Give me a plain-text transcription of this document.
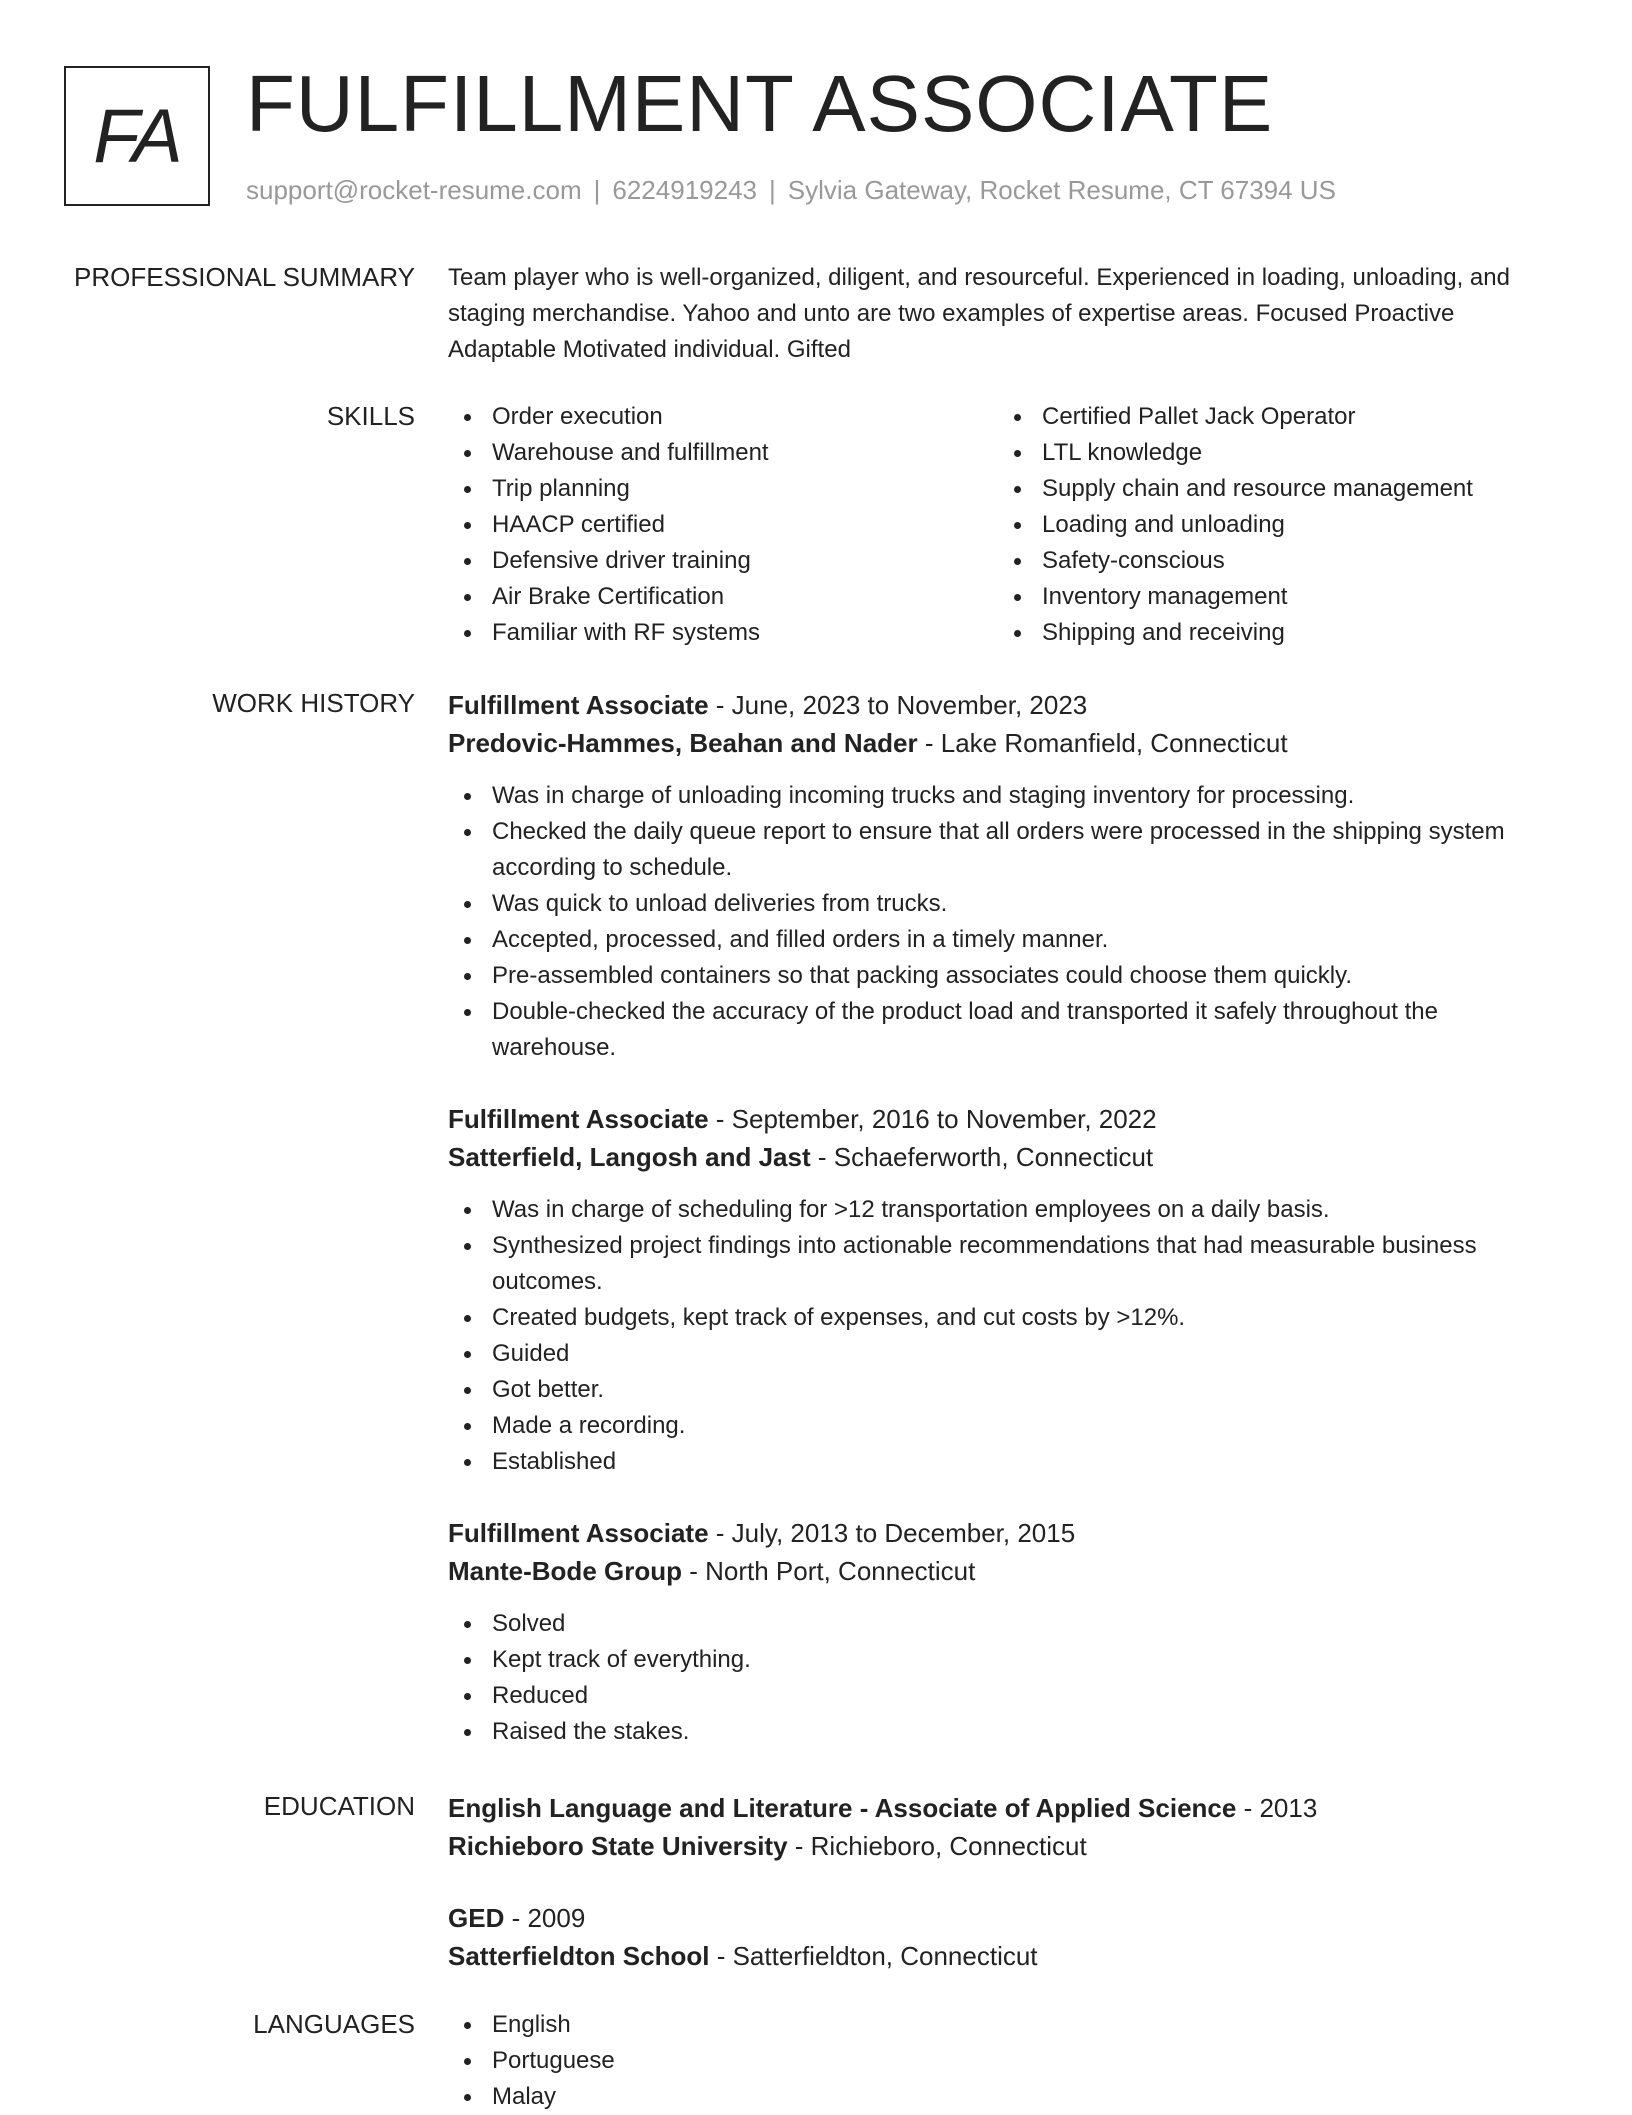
FA FULFILLMENT ASSOCIATE
support@rocket-resume.com | 6224919243 | Sylvia Gateway, Rocket Resume, CT 67394 US
PROFESSIONAL SUMMARY Team player who is well-organized, diligent, and resourceful. Experienced in loading, unloading, and staging merchandise. Yahoo and unto are two examples of expertise areas. Focused Proactive Adaptable Motivated individual. Gifted

SKILLS	Order execution
Warehouse and fulfillment
Trip planning
HAACP certified
Defensive driver training
Air Brake Certification
Familiar with RF systems
Certified Pallet Jack Operator
LTL knowledge
Supply chain and resource management
Loading and unloading
Safety-conscious
Inventory management
Shipping and receiving
WORK HISTORY Fulfillment Associate - June, 2023 to November, 2023
Predovic-Hammes, Beahan and Nader - Lake Romanfield, Connecticut
Was in charge of unloading incoming trucks and staging inventory for processing.
Checked the daily queue report to ensure that all orders were processed in the shipping system according to schedule.
Was quick to unload deliveries from trucks.
Accepted, processed, and filled orders in a timely manner.
Pre-assembled containers so that packing associates could choose them quickly.
Double-checked the accuracy of the product load and transported it safely throughout the warehouse.
Fulfillment Associate - September, 2016 to November, 2022
Satterfield, Langosh and Jast - Schaeferworth, Connecticut
Was in charge of scheduling for >12 transportation employees on a daily basis.
Synthesized project findings into actionable recommendations that had measurable business outcomes.
Created budgets, kept track of expenses, and cut costs by >12%.
Guided
Got better.
Made a recording.
Established
Fulfillment Associate - July, 2013 to December, 2015
Mante-Bode Group - North Port, Connecticut
Solved
Kept track of everything.
Reduced
Raised the stakes.
EDUCATION English Language and Literature - Associate of Applied Science - 2013
Richieboro State University - Richieboro, Connecticut
GED - 2009
Satterfieldton School - Satterfieldton, Connecticut
LANGUAGES	English
Portuguese
Malay
